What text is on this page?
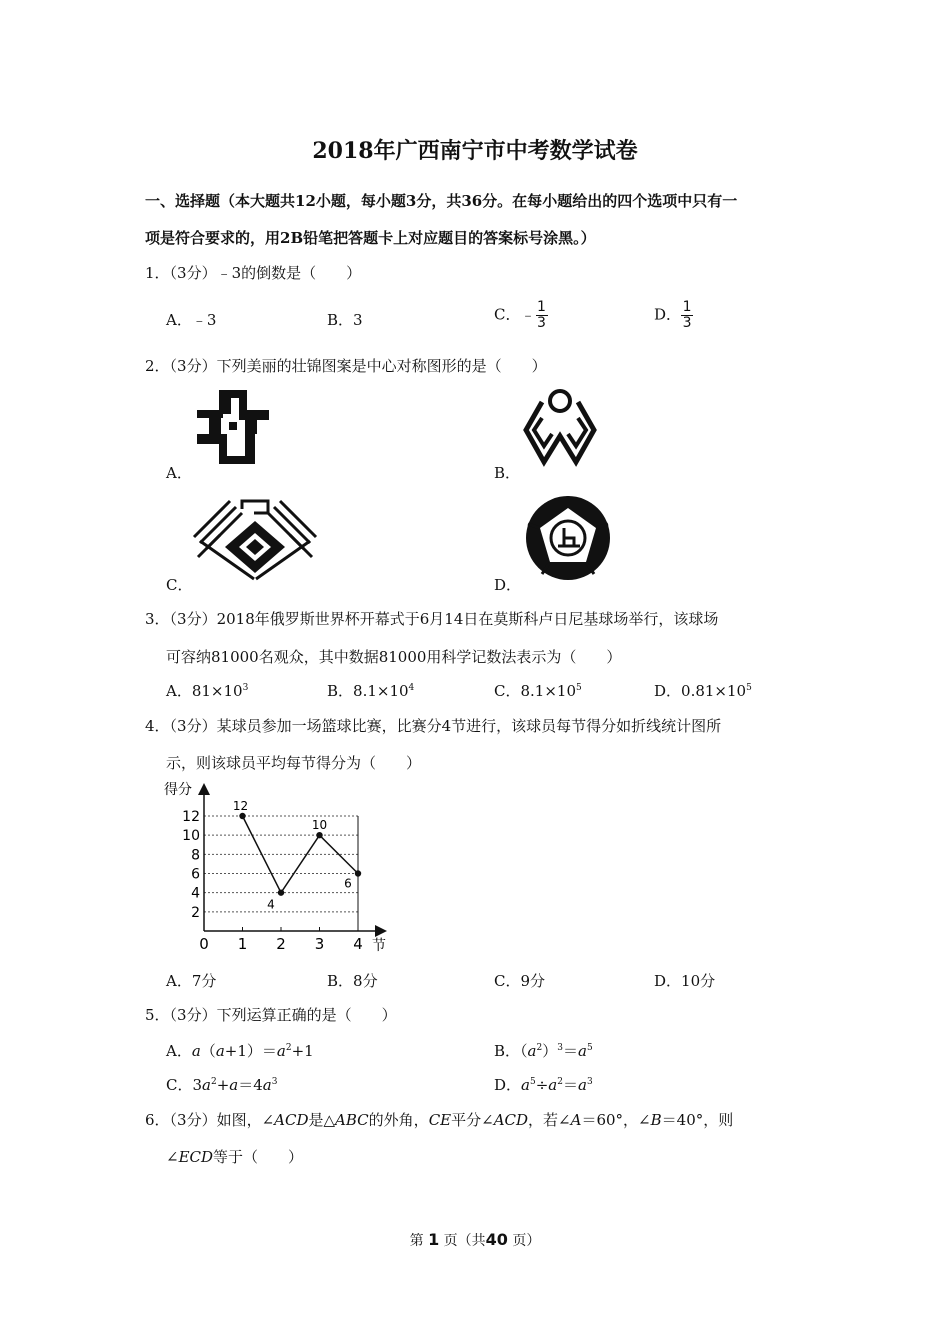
2018年广西南宁市中考数学试卷
一、选择题（本大题共12小题，每小题3分，共36分。在每小题给出的四个选项中只有一
项是符合要求的，用2B铅笔把答题卡上对应题目的答案标号涂黑。）
1．（3分）﹣3的倒数是（　　）
A．﹣3	B．3	C．﹣ $\frac{1}{3}$	D． $\frac{1}{3}$
2．（3分）下列美丽的壮锦图案是中心对称图形的是（　　）
A．	B．
C．	D．
3．（3分）2018年俄罗斯世界杯开幕式于6月14日在莫斯科卢日尼基球场举行，该球场
可容纳81000名观众，其中数据81000用科学记数法表示为（　　）
A．$81\times 10^3$	B．$8.1\times 10^4$	C．$8.1\times 10^5$	D．$0.81\times 10^5$
4．（3分）某球员参加一场篮球比赛，比赛分4节进行，该球员每节得分如折线统计图所
示，则该球员平均每节得分为（　　）
得分
节
2
4
6
8
10
12
0 1 2 3 4
12
4
10
6
A．7分	B．8分	C．9分	D．10分
5．（3分）下列运算正确的是（　　）
A．$a(a+1)=a^2+1$	B．$(a^2)^3=a^5$
C．$3a^2+a=4a^3$	D．$a^5\div a^2=a^3$
6．（3分）如图，∠ACD是△ABC的外角，CE平分∠ACD，若∠A＝60°，∠B＝40°，则
∠ECD等于（　　）
第 1 页（共40 页）
